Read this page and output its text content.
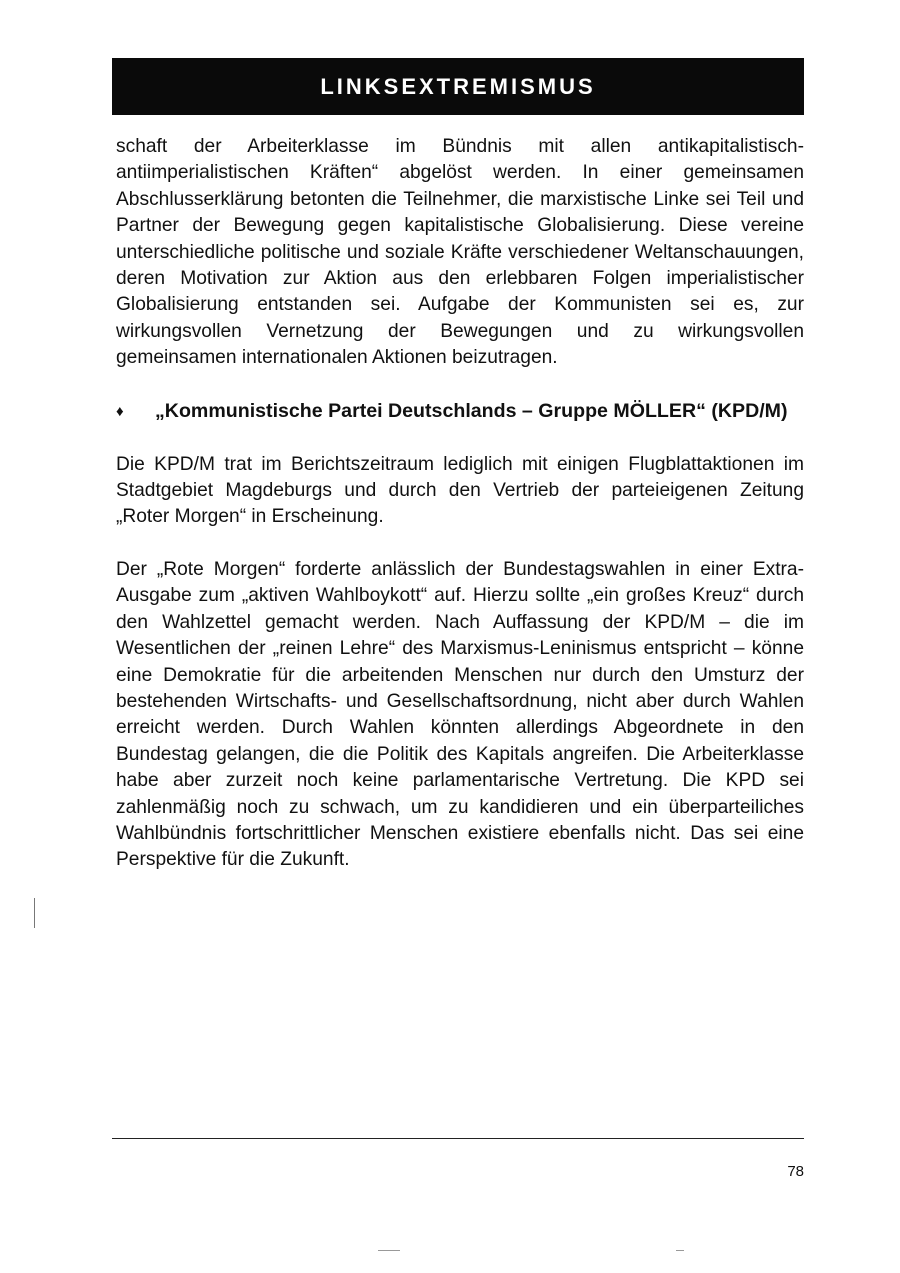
LINKSEXTREMISMUS

schaft der Arbeiterklasse im Bündnis mit allen antikapitalistischantiimperialistischen Kräften“ abgelöst werden. In einer gemeinsamen Abschlusserklärung betonten die Teilnehmer, die marxistische Linke sei Teil und Partner der Bewegung gegen kapitalistische Globalisierung. Diese vereine unterschiedliche politische und soziale Kräfte verschiedener Weltanschauungen, deren Motivation zur Aktion aus den erlebbaren Folgen imperialistischer Globalisierung entstanden sei. Aufgabe der Kommunisten sei es, zur wirkungsvollen Vernetzung der Bewegungen und zu wirkungsvollen gemeinsamen internationalen Aktionen beizutragen.

♦	„Kommunistische Partei Deutschlands – Gruppe MÖLLER“ (KPD/M)

Die KPD/M trat im Berichtszeitraum lediglich mit einigen Flugblattaktionen im Stadtgebiet Magdeburgs und durch den Vertrieb der parteieigenen Zeitung „Roter Morgen“ in Erscheinung.

Der „Rote Morgen“ forderte anlässlich der Bundestagswahlen in einer Extra-Ausgabe zum „aktiven Wahlboykott“ auf. Hierzu sollte „ein großes Kreuz“ durch den Wahlzettel gemacht werden. Nach Auffassung der KPD/M – die im Wesentlichen der „reinen Lehre“ des Marxismus-Leninismus entspricht – könne eine Demokratie für die arbeitenden Menschen nur durch den Umsturz der bestehenden Wirtschafts- und Gesellschaftsordnung, nicht aber durch Wahlen erreicht werden. Durch Wahlen könnten allerdings Abgeordnete in den Bundestag gelangen, die die Politik des Kapitals angreifen. Die Arbeiterklasse habe aber zurzeit noch keine parlamentarische Vertretung. Die KPD sei zahlenmäßig noch zu schwach, um zu kandidieren und ein überparteiliches Wahlbündnis fortschrittlicher Menschen existiere ebenfalls nicht. Das sei eine Perspektive für die Zukunft.

78
